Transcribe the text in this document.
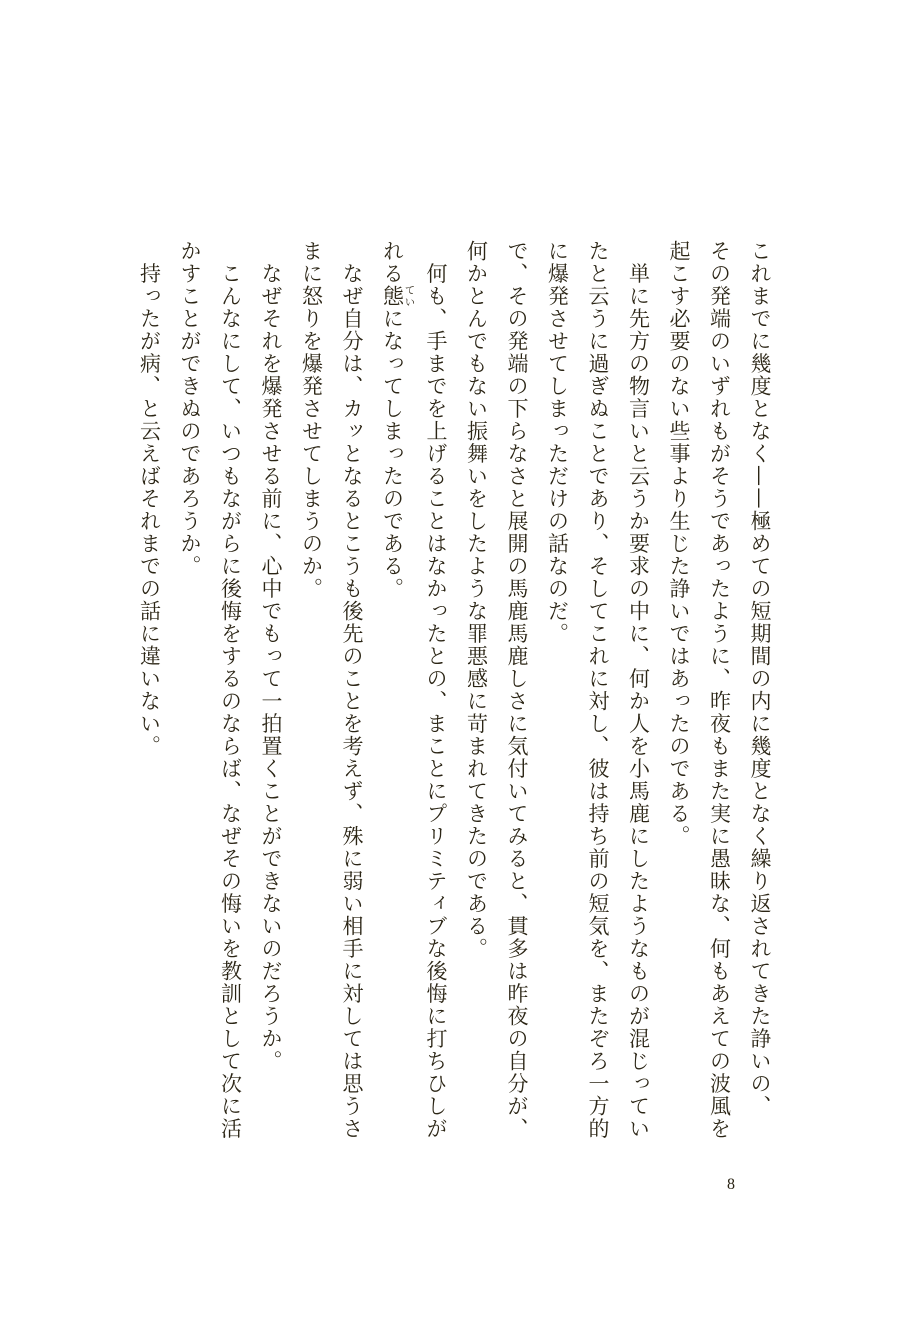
これまでに幾度となく——極めての短期間の内に幾度となく繰り返されてきた諍いの、
その発端のいずれもがそうであったように、昨夜もまた実に愚昧な、何もあえての波風を
起こす必要のない些事より生じた諍いではあったのである。
　単に先方の物言いと云うか要求の中に、何か人を小馬鹿にしたようなものが混じってい
たと云うに過ぎぬことであり、そしてこれに対し、彼は持ち前の短気を、またぞろ一方的
に爆発させてしまっただけの話なのだ。
で、その発端の下らなさと展開の馬鹿馬鹿しさに気付いてみると、貫多は昨夜の自分が、
何かとんでもない振舞いをしたような罪悪感に苛まれてきたのである。
　何も、手までを上げることはなかったとの、まことにプリミティブな後悔に打ちひしが
れる態 ていになってしまったのである。
　なぜ自分は、カッとなるとこうも後先のことを考えず、殊に弱い相手に対しては思うさ
まに怒りを爆発させてしまうのか。
　なぜそれを爆発させる前に、心中でもって一拍置くことができないのだろうか。
　こんなにして、いつもながらに後悔をするのならば、なぜその悔いを教訓として次に活
かすことができぬのであろうか。
　持ったが病、と云えばそれまでの話に違いない。
8
